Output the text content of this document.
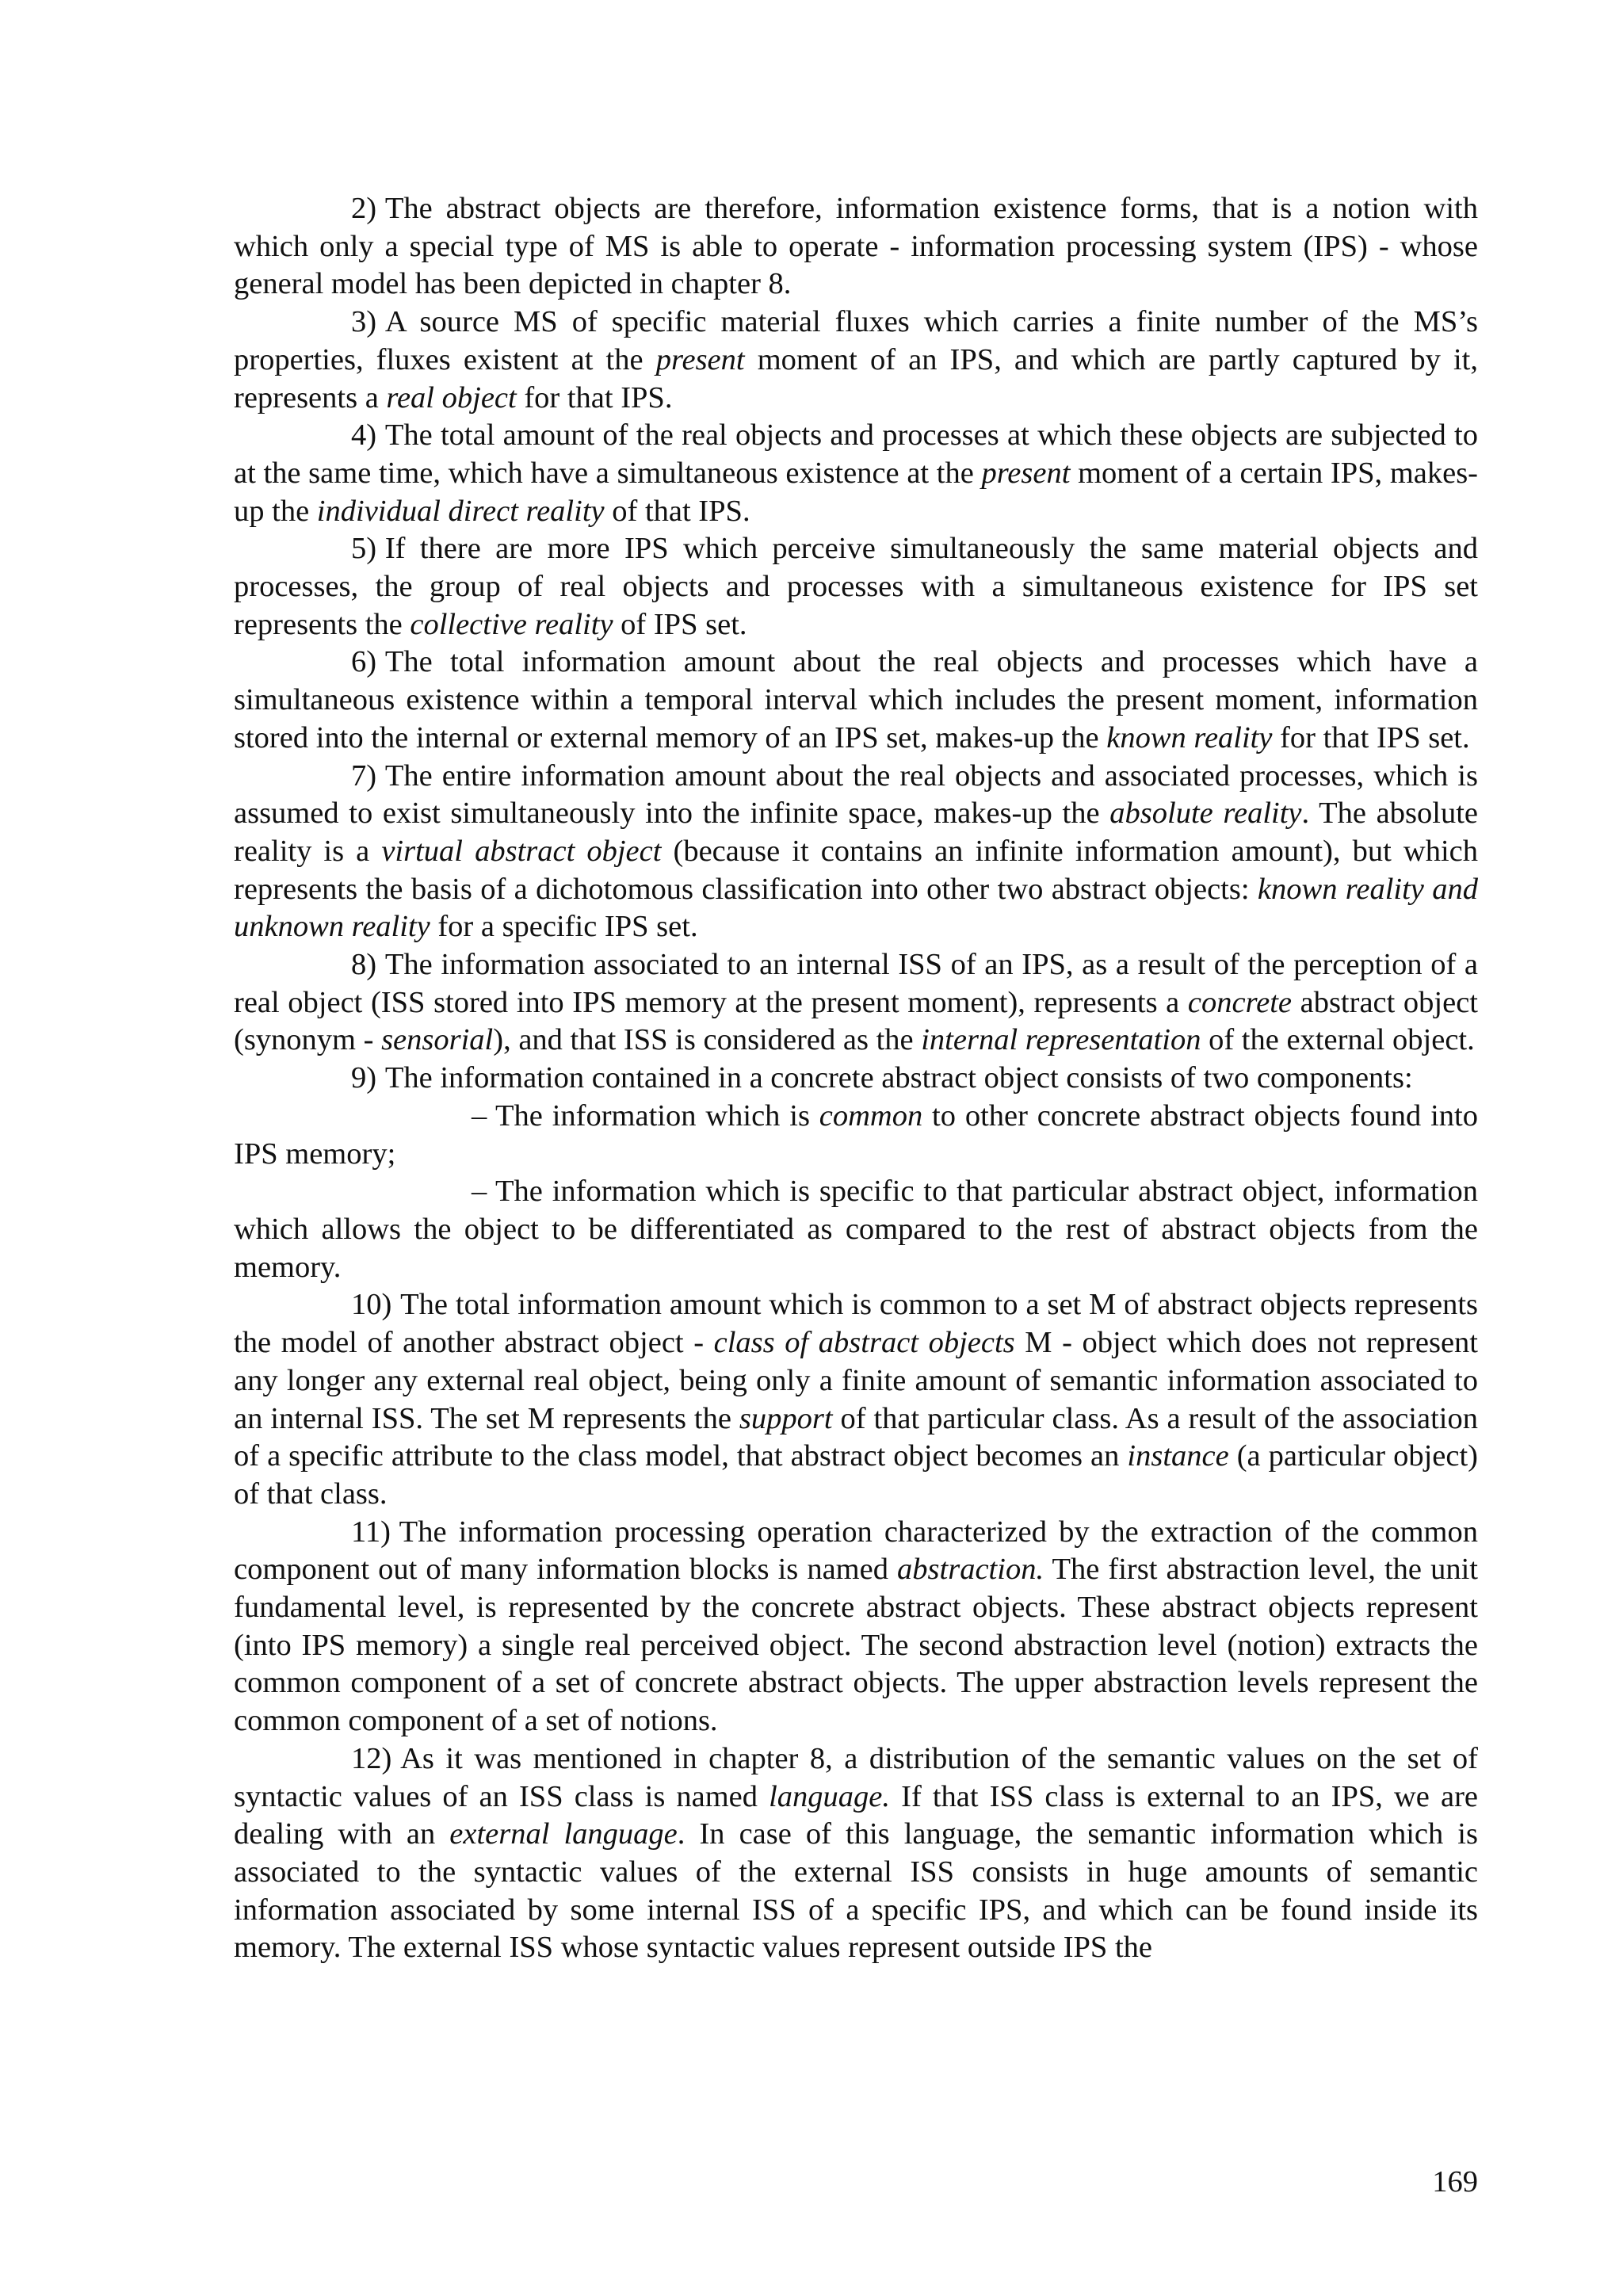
2) The abstract objects are therefore, information existence forms, that is a notion with which only a special type of MS is able to operate - information processing system (IPS) - whose general model has been depicted in chapter 8.

3) A source MS of specific material fluxes which carries a finite number of the MS’s properties, fluxes existent at the present moment of an IPS, and which are partly captured by it, represents a real object for that IPS.

4) The total amount of the real objects and processes at which these objects are subjected to at the same time, which have a simultaneous existence at the present moment of a certain IPS, makes-up the individual direct reality of that IPS.

5) If there are more IPS which perceive simultaneously the same material objects and processes, the group of real objects and processes with a simultaneous existence for IPS set represents the collective reality of IPS set.

6) The total information amount about the real objects and processes which have a simultaneous existence within a temporal interval which includes the present moment, information stored into the internal or external memory of an IPS set, makes-up the known reality for that IPS set.

7) The entire information amount about the real objects and associated processes, which is assumed to exist simultaneously into the infinite space, makes-up the absolute reality. The absolute reality is a virtual abstract object (because it contains an infinite information amount), but which represents the basis of a dichotomous classification into other two abstract objects: known reality and unknown reality for a specific IPS set.

8) The information associated to an internal ISS of an IPS, as a result of the perception of a real object (ISS stored into IPS memory at the present moment), represents a concrete abstract object (synonym - sensorial), and that ISS is considered as the internal representation of the external object.

9) The information contained in a concrete abstract object consists of two components:

– The information which is common to other concrete abstract objects found into IPS memory;

– The information which is specific to that particular abstract object, information which allows the object to be differentiated as compared to the rest of abstract objects from the memory.

10) The total information amount which is common to a set M of abstract objects represents the model of another abstract object - class of abstract objects M - object which does not represent any longer any external real object, being only a finite amount of semantic information associated to an internal ISS. The set M represents the support of that particular class. As a result of the association of a specific attribute to the class model, that abstract object becomes an instance (a particular object) of that class.

11) The information processing operation characterized by the extraction of the common component out of many information blocks is named abstraction. The first abstraction level, the unit fundamental level, is represented by the concrete abstract objects. These abstract objects represent (into IPS memory) a single real perceived object. The second abstraction level (notion) extracts the common component of a set of concrete abstract objects. The upper abstraction levels represent the common component of a set of notions.

12) As it was mentioned in chapter 8, a distribution of the semantic values on the set of syntactic values of an ISS class is named language. If that ISS class is external to an IPS, we are dealing with an external language. In case of this language, the semantic information which is associated to the syntactic values of the external ISS consists in huge amounts of semantic information associated by some internal ISS of a specific IPS, and which can be found inside its memory. The external ISS whose syntactic values represent outside IPS the

169
